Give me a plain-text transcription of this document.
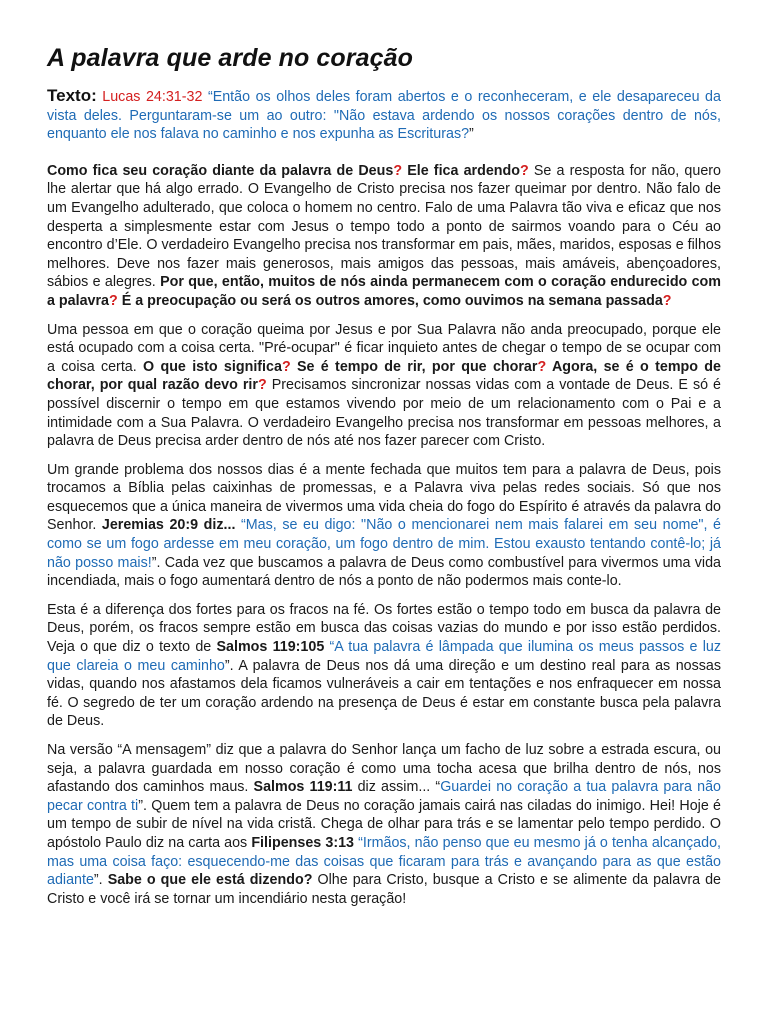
A palavra que arde no coração

Texto: Lucas 24:31-32 “Então os olhos deles foram abertos e o reconheceram, e ele desapareceu da vista deles. Perguntaram-se um ao outro: "Não estava ardendo os nossos corações dentro de nós, enquanto ele nos falava no caminho e nos expunha as Escrituras?”

Como fica seu coração diante da palavra de Deus? Ele fica ardendo? Se a resposta for não, quero lhe alertar que há algo errado. O Evangelho de Cristo precisa nos fazer queimar por dentro. Não falo de um Evangelho adulterado, que coloca o homem no centro. Falo de uma Palavra tão viva e eficaz que nos desperta a simplesmente estar com Jesus o tempo todo a ponto de sairmos voando para o Céu ao encontro d’Ele. O verdadeiro Evangelho precisa nos transformar em pais, mães, maridos, esposas e filhos melhores. Deve nos fazer mais generosos, mais amigos das pessoas, mais amáveis, abençoadores, sábios e alegres. Por que, então, muitos de nós ainda permanecem com o coração endurecido com a palavra? É a preocupação ou será os outros amores, como ouvimos na semana passada?

Uma pessoa em que o coração queima por Jesus e por Sua Palavra não anda preocupado, porque ele está ocupado com a coisa certa. "Pré-ocupar" é ficar inquieto antes de chegar o tempo de se ocupar com a coisa certa. O que isto significa? Se é tempo de rir, por que chorar? Agora, se é o tempo de chorar, por qual razão devo rir? Precisamos sincronizar nossas vidas com a vontade de Deus. E só é possível discernir o tempo em que estamos vivendo por meio de um relacionamento com o Pai e a intimidade com a Sua Palavra. O verdadeiro Evangelho precisa nos transformar em pessoas melhores, a palavra de Deus precisa arder dentro de nós até nos fazer parecer com Cristo.

Um grande problema dos nossos dias é a mente fechada que muitos tem para a palavra de Deus, pois trocamos a Bíblia pelas caixinhas de promessas, e a Palavra viva pelas redes sociais. Só que nos esquecemos que a única maneira de vivermos uma vida cheia do fogo do Espírito é através da palavra do Senhor. Jeremias 20:9 diz... “Mas, se eu digo: "Não o mencionarei nem mais falarei em seu nome", é como se um fogo ardesse em meu coração, um fogo dentro de mim. Estou exausto tentando contê-lo; já não posso mais!”. Cada vez que buscamos a palavra de Deus como combustível para vivermos uma vida incendiada, mais o fogo aumentará dentro de nós a ponto de não podermos mais conte-lo.

Esta é a diferença dos fortes para os fracos na fé. Os fortes estão o tempo todo em busca da palavra de Deus, porém, os fracos sempre estão em busca das coisas vazias do mundo e por isso estão perdidos. Veja o que diz o texto de Salmos 119:105 “A tua palavra é lâmpada que ilumina os meus passos e luz que clareia o meu caminho”. A palavra de Deus nos dá uma direção e um destino real para as nossas vidas, quando nos afastamos dela ficamos vulneráveis a cair em tentações e nos enfraquecer em nossa fé. O segredo de ter um coração ardendo na presença de Deus é estar em constante busca pela palavra de Deus.

Na versão “A mensagem” diz que a palavra do Senhor lança um facho de luz sobre a estrada escura, ou seja, a palavra guardada em nosso coração é como uma tocha acesa que brilha dentro de nós, nos afastando dos caminhos maus. Salmos 119:11 diz assim... “Guardei no coração a tua palavra para não pecar contra ti”. Quem tem a palavra de Deus no coração jamais cairá nas ciladas do inimigo. Hei! Hoje é um tempo de subir de nível na vida cristã. Chega de olhar para trás e se lamentar pelo tempo perdido. O apóstolo Paulo diz na carta aos Filipenses 3:13 “Irmãos, não penso que eu mesmo já o tenha alcançado, mas uma coisa faço: esquecendo-me das coisas que ficaram para trás e avançando para as que estão adiante”. Sabe o que ele está dizendo? Olhe para Cristo, busque a Cristo e se alimente da palavra de Cristo e você irá se tornar um incendiário nesta geração!
